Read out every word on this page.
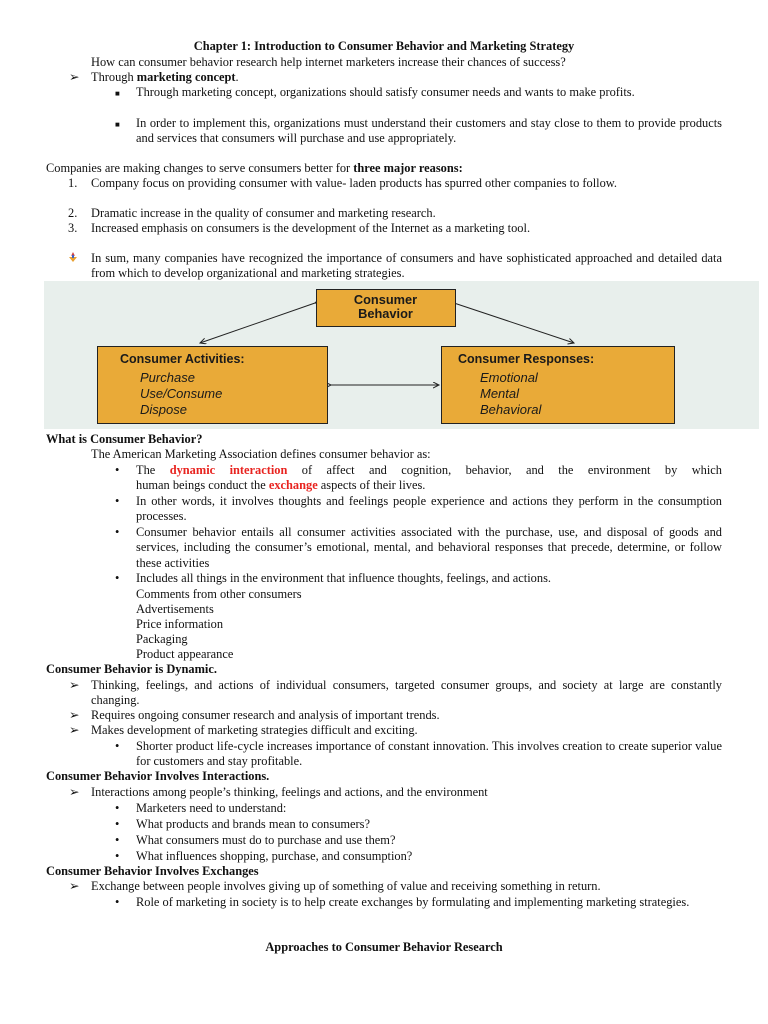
Chapter 1: Introduction to Consumer Behavior and Marketing Strategy
How can consumer behavior research help internet marketers increase their chances of success?
➢ Through marketing concept.
■ Through marketing concept, organizations should satisfy consumer needs and wants to make profits.
■ In order to implement this, organizations must understand their customers and stay close to them to provide products and services that consumers will purchase and use appropriately.
Companies are making changes to serve consumers better for three major reasons:
1. Company focus on providing consumer with value- laden products has spurred other companies to follow.
2. Dramatic increase in the quality of consumer and marketing research.
3. Increased emphasis on consumers is the development of the Internet as a marketing tool.
In sum, many companies have recognized the importance of consumers and have sophisticated approached and detailed data from which to develop organizational and marketing strategies.
Consumer
Behavior
Consumer Activities:
Purchase
Use/Consume
Dispose
Consumer Responses:
Emotional
Mental
Behavioral
What is Consumer Behavior?
The American Marketing Association defines consumer behavior as:
• The dynamic interaction of affect and cognition, behavior, and the environment by which
human beings conduct the exchange aspects of their lives.
• In other words, it involves thoughts and feelings people experience and actions they perform in the consumption processes.
• Consumer behavior entails all consumer activities associated with the purchase, use, and disposal of goods and services, including the consumer’s emotional, mental, and behavioral responses that precede, determine, or follow these activities
• Includes all things in the environment that influence thoughts, feelings, and actions.
Comments from other consumers
Advertisements
Price information
Packaging
Product appearance
Consumer Behavior is Dynamic.
➢ Thinking, feelings, and actions of individual consumers, targeted consumer groups, and society at large are constantly changing.
➢ Requires ongoing consumer research and analysis of important trends.
➢ Makes development of marketing strategies difficult and exciting.
• Shorter product life-cycle increases importance of constant innovation. This involves creation to create superior value for customers and stay profitable.
Consumer Behavior Involves Interactions.
➢ Interactions among people’s thinking, feelings and actions, and the environment
• Marketers need to understand:
• What products and brands mean to consumers?
• What consumers must do to purchase and use them?
• What influences shopping, purchase, and consumption?
Consumer Behavior Involves Exchanges
➢ Exchange between people involves giving up of something of value and receiving something in return.
• Role of marketing in society is to help create exchanges by formulating and implementing marketing strategies.
Approaches to Consumer Behavior Research
